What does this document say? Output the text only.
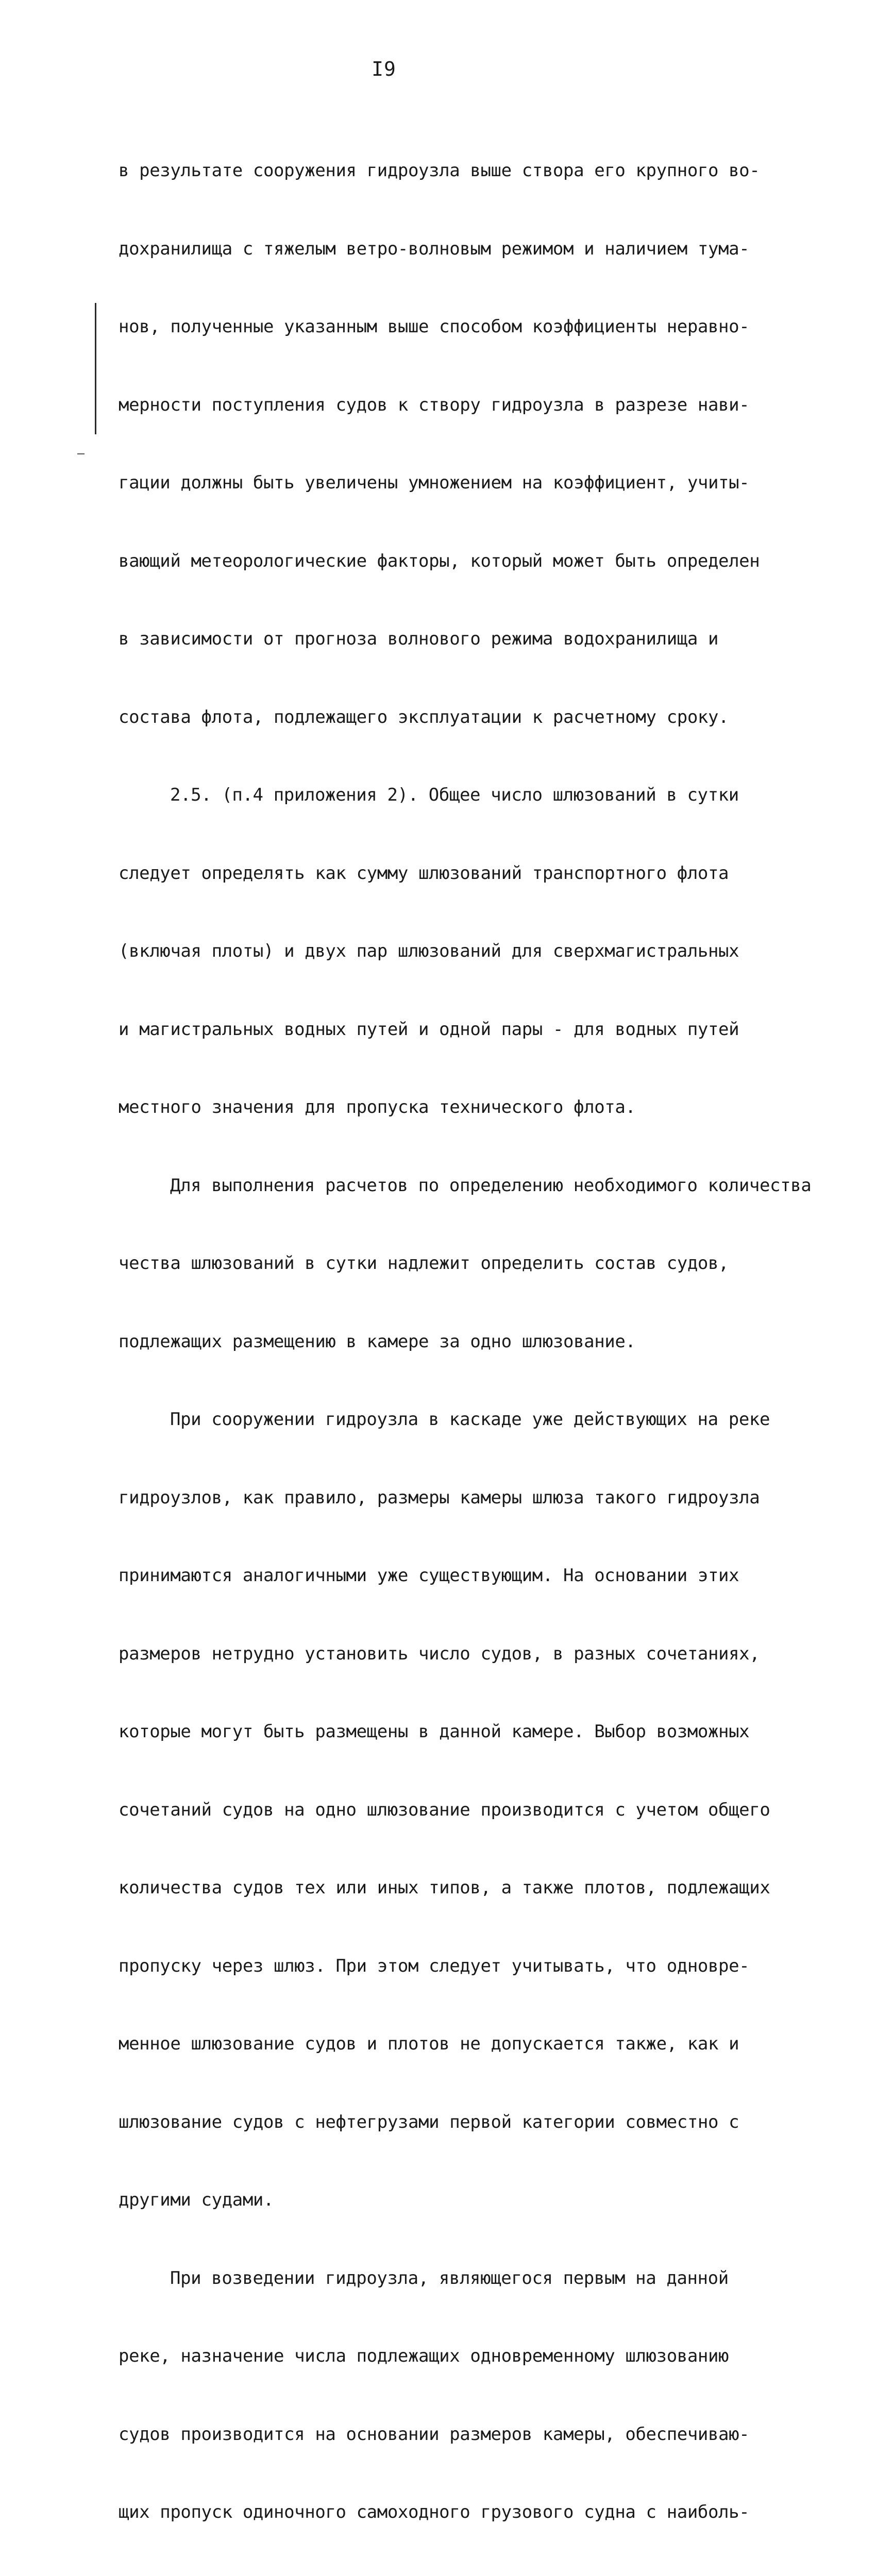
I9

в результате сооружения гидроузла выше створа его крупного во-

дохранилища с тяжелым ветро-волновым режимом и наличием тума-

нов, полученные указанным выше способом коэффициенты неравно-

мерности поступления судов к створу гидроузла в разрезе нави-

гации должны быть увеличены умножением на коэффициент, учиты-

вающий метеорологические факторы, который может быть определен

в зависимости от прогноза волнового режима водохранилища и

состава флота, подлежащего эксплуатации к расчетному сроку.

2.5. (п.4 приложения 2). Общее число шлюзований в сутки

следует определять как сумму шлюзований транспортного флота

(включая плоты) и двух пар шлюзований для сверхмагистральных

и магистральных водных путей и одной пары - для водных путей

местного значения для пропуска технического флота.

Для выполнения расчетов по определению необходимого количества

чества шлюзований в сутки надлежит определить состав судов,

подлежащих размещению в камере за одно шлюзование.

При сооружении гидроузла в каскаде уже действующих на реке

гидроузлов, как правило, размеры камеры шлюза такого гидроузла

принимаются аналогичными уже существующим. На основании этих

размеров нетрудно установить число судов, в разных сочетаниях,

которые могут быть размещены в данной камере. Выбор возможных

сочетаний судов на одно шлюзование производится с учетом общего

количества судов тех или иных типов, а также плотов, подлежащих

пропуску через шлюз. При этом следует учитывать, что одновре-

менное шлюзование судов и плотов не допускается также, как и

шлюзование судов с нефтегрузами первой категории совместно с

другими судами.

При возведении гидроузла, являющегося первым на данной

реке, назначение числа подлежащих одновременному шлюзованию

судов производится на основании размеров камеры, обеспечиваю-

щих пропуск одиночного самоходного грузового судна с наиболь-
